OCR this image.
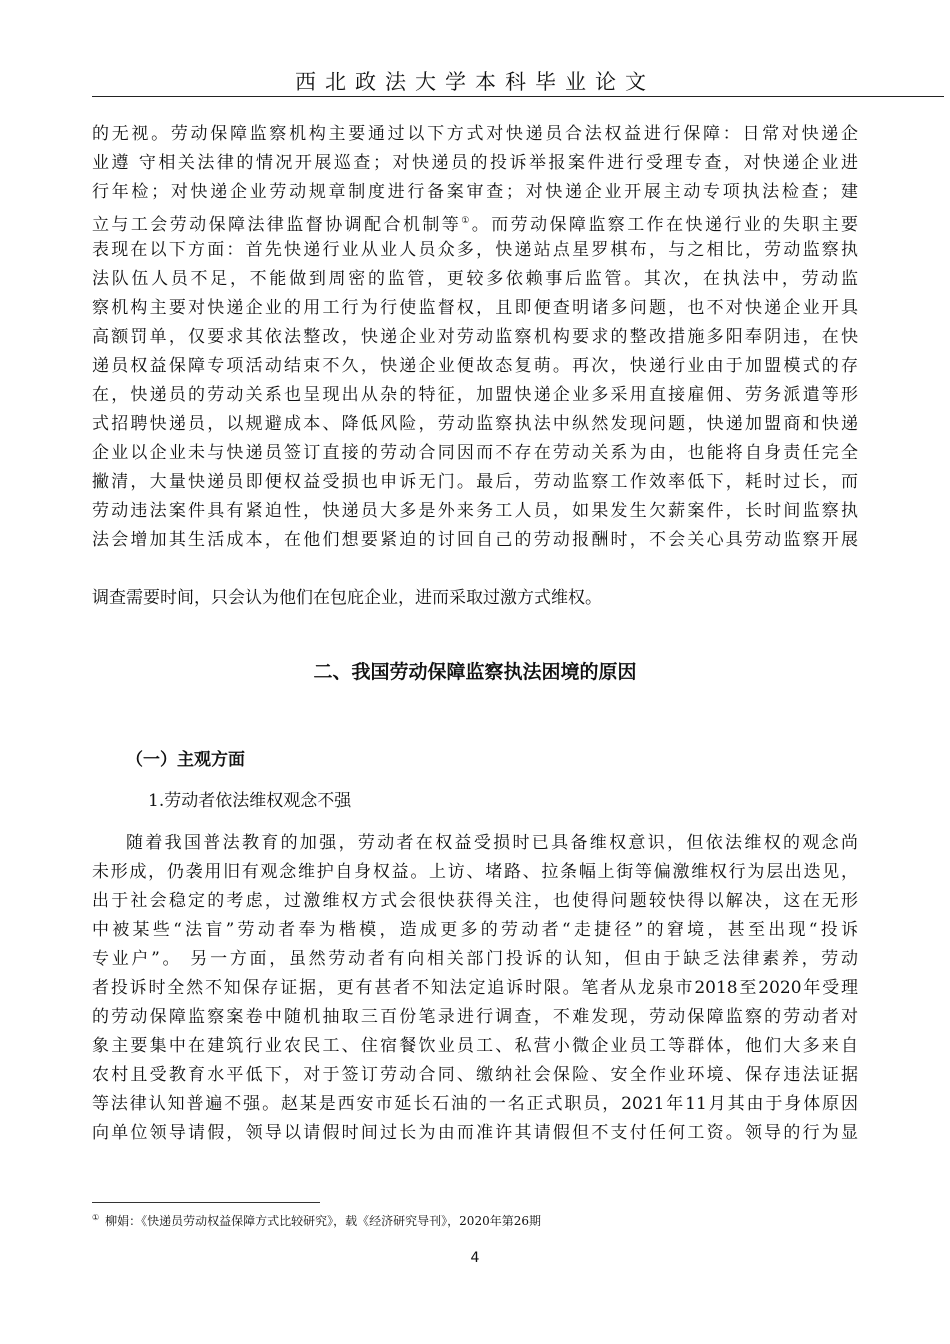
西北政法大学本科毕业论文
的无视。劳动保障监察机构主要通过以下方式对快递员合法权益进行保障：日常对快递企
业遵 守相关法律的情况开展巡查；对快递员的投诉举报案件进行受理专查，对快递企业进
行年检；对快递企业劳动规章制度进行备案审查；对快递企业开展主动专项执法检查；建
立与工会劳动保障法律监督协调配合机制等①。而劳动保障监察工作在快递行业的失职主要
表现在以下方面：首先快递行业从业人员众多，快递站点星罗棋布，与之相比，劳动监察执
法队伍人员不足，不能做到周密的监管，更较多依赖事后监管。其次，在执法中，劳动监
察机构主要对快递企业的用工行为行使监督权，且即便查明诸多问题，也不对快递企业开具
高额罚单，仅要求其依法整改，快递企业对劳动监察机构要求的整改措施多阳奉阴违，在快
递员权益保障专项活动结束不久，快递企业便故态复萌。再次，快递行业由于加盟模式的存
在，快递员的劳动关系也呈现出从杂的特征，加盟快递企业多采用直接雇佣、劳务派遣等形
式招聘快递员，以规避成本、降低风险，劳动监察执法中纵然发现问题，快递加盟商和快递
企业以企业未与快递员签订直接的劳动合同因而不存在劳动关系为由，也能将自身责任完全
撇清，大量快递员即便权益受损也申诉无门。最后，劳动监察工作效率低下，耗时过长，而
劳动违法案件具有紧迫性，快递员大多是外来务工人员，如果发生欠薪案件，长时间监察执
法会增加其生活成本，在他们想要紧迫的讨回自己的劳动报酬时，不会关心具劳动监察开展
调查需要时间，只会认为他们在包庇企业，进而采取过激方式维权。
二、我国劳动保障监察执法困境的原因
（一）主观方面
1.劳动者依法维权观念不强
随着我国普法教育的加强，劳动者在权益受损时已具备维权意识，但依法维权的观念尚
未形成，仍袭用旧有观念维护自身权益。上访、堵路、拉条幅上街等偏激维权行为层出迭见，
出于社会稳定的考虑，过激维权方式会很快获得关注，也使得问题较快得以解决，这在无形
中被某些“法盲”劳动者奉为楷模，造成更多的劳动者“走捷径”的窘境，甚至出现“投诉
专业户”。 另一方面，虽然劳动者有向相关部门投诉的认知，但由于缺乏法律素养，劳动
者投诉时全然不知保存证据，更有甚者不知法定追诉时限。笔者从龙泉市2018至2020年受理
的劳动保障监察案卷中随机抽取三百份笔录进行调查，不难发现，劳动保障监察的劳动者对
象主要集中在建筑行业农民工、住宿餐饮业员工、私营小微企业员工等群体，他们大多来自
农村且受教育水平低下，对于签订劳动合同、缴纳社会保险、安全作业环境、保存违法证据
等法律认知普遍不强。赵某是西安市延长石油的一名正式职员，2021年11月其由于身体原因
向单位领导请假，领导以请假时间过长为由而准许其请假但不支付任何工资。领导的行为显
① 柳娟：《快递员劳动权益保障方式比较研究》，载《经济研究导刊》，2020年第26期
4
